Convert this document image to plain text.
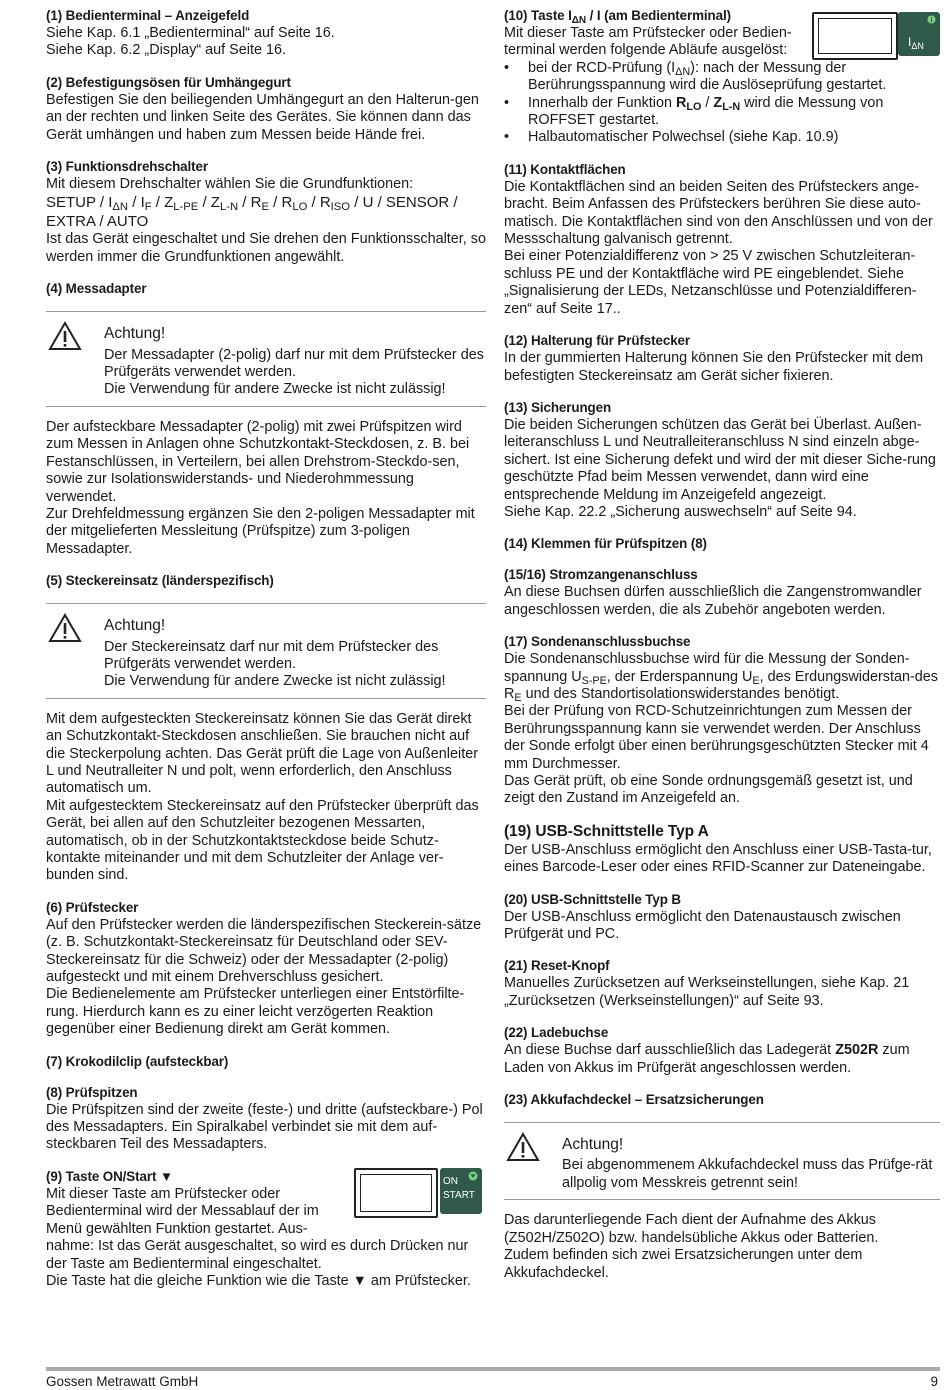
(1) Bedienterminal – Anzeigefeld

Siehe Kap. 6.1 „Bedienterminal“ auf Seite 16.

Siehe Kap. 6.2 „Display“ auf Seite 16.

(2) Befestigungsösen für Umhängegurt

Befestigen Sie den beiliegenden Umhängegurt an den Halterun-gen an der rechten und linken Seite des Gerätes. Sie können dann das Gerät umhängen und haben zum Messen beide Hände frei.

(3) Funktionsdrehschalter

Mit diesem Drehschalter wählen Sie die Grundfunktionen:

SETUP / $I_{\Delta N} / I_F / Z_{L-PE} / Z_{L-N} / R_E / R_{LO} / R_{ISO}$ / U / SENSOR /
EXTRA / AUTO

Ist das Gerät eingeschaltet und Sie drehen den Funktionsschalter, so werden immer die Grundfunktionen angewählt.

(4) Messadapter
Achtung!

Der Messadapter (2-polig) darf nur mit dem Prüfstecker des Prüfgeräts verwendet werden.

Die Verwendung für andere Zwecke ist nicht zulässig!

Der aufsteckbare Messadapter (2-polig) mit zwei Prüfspitzen wird zum Messen in Anlagen ohne Schutzkontakt-Steckdosen, z. B. bei Festanschlüssen, in Verteilern, bei allen Drehstrom-Steckdo-sen, sowie zur Isolationswiderstands- und Niederohmmessung verwendet.

Zur Drehfeldmessung ergänzen Sie den 2-poligen Messadapter mit der mitgelieferten Messleitung (Prüfspitze) zum 3-poligen Messadapter.

(5) Steckereinsatz (länderspezifisch)
Achtung!

Der Steckereinsatz darf nur mit dem Prüfstecker des Prüfgeräts verwendet werden.

Die Verwendung für andere Zwecke ist nicht zulässig!

Mit dem aufgesteckten Steckereinsatz können Sie das Gerät direkt an Schutzkontakt-Steckdosen anschließen. Sie brauchen nicht auf die Steckerpolung achten. Das Gerät prüft die Lage von Außenleiter L und Neutralleiter N und polt, wenn erforderlich, den Anschluss automatisch um.

Mit aufgestecktem Steckereinsatz auf den Prüfstecker überprüft das Gerät, bei allen auf den Schutzleiter bezogenen Messarten, automatisch, ob in der Schutzkontaktsteckdose beide Schutz-kontakte miteinander und mit dem Schutzleiter der Anlage ver-bunden sind.

(6) Prüfstecker

Auf den Prüfstecker werden die länderspezifischen Steckerein-sätze (z. B. Schutzkontakt-Steckereinsatz für Deutschland oder SEV-Steckereinsatz für die Schweiz) oder der Messadapter (2-polig) aufgesteckt und mit einem Drehverschluss gesichert.

Die Bedienelemente am Prüfstecker unterliegen einer Entstörfilte-rung. Hierdurch kann es zu einer leicht verzögerten Reaktion gegenüber einer Bedienung direkt am Gerät kommen.

(7) Krokodilclip (aufsteckbar)
(8) Prüfspitzen

Die Prüfspitzen sind der zweite (feste-) und dritte (aufsteckbare-) Pol des Messadapters. Ein Spiralkabel verbindet sie mit dem auf-steckbaren Teil des Messadapters.

(9) Taste ON/Start ▼	ON
START

Mit dieser Taste am Prüfstecker oder

Bedienterminal wird der Messablauf der im

Menü gewählten Funktion gestartet. Aus-

nahme: Ist das Gerät ausgeschaltet, so wird es durch Drücken nur der Taste am Bedienterminal eingeschaltet.

Die Taste hat die gleiche Funktion wie die Taste ▼ am Prüfstecker.

(10) Taste $I_{\Delta N}$ / I (am Bedienterminal)
$I_{\Delta N}$

Mit dieser Taste am Prüfstecker oder Bedien-

terminal werden folgende Abläufe ausgelöst:

• bei der RCD-Prüfung $(I_{\Delta N})$: nach der Messung der Berührungsspannung wird die Auslöseprüfung gestartet.
• Innerhalb der Funktion $R_{LO} / Z_{L-N}$ wird die Messung von ROFFSET gestartet.
• Halbautomatischer Polwechsel (siehe Kap. 10.9)
(11) Kontaktflächen

Die Kontaktflächen sind an beiden Seiten des Prüfsteckers ange-bracht. Beim Anfassen des Prüfsteckers berühren Sie diese auto-matisch. Die Kontaktflächen sind von den Anschlüssen und von der Messschaltung galvanisch getrennt.

Bei einer Potenzialdifferenz von > 25 V zwischen Schutzleiteran-schluss PE und der Kontaktfläche wird PE eingeblendet. Siehe „Signalisierung der LEDs, Netzanschlüsse und Potenzialdifferen-zen“ auf Seite 17..

(12) Halterung für Prüfstecker

In der gummierten Halterung können Sie den Prüfstecker mit dem befestigten Steckereinsatz am Gerät sicher fixieren.

(13) Sicherungen

Die beiden Sicherungen schützen das Gerät bei Überlast. Außen-leiteranschluss L und Neutralleiteranschluss N sind einzeln abge-sichert. Ist eine Sicherung defekt und wird der mit dieser Siche-rung geschützte Pfad beim Messen verwendet, dann wird eine entsprechende Meldung im Anzeigefeld angezeigt.

Siehe Kap. 22.2 „Sicherung auswechseln“ auf Seite 94.

(14) Klemmen für Prüfspitzen (8)
(15/16) Stromzangenanschluss

An diese Buchsen dürfen ausschließlich die Zangenstromwandler angeschlossen werden, die als Zubehör angeboten werden.

(17) Sondenanschlussbuchse

Die Sondenanschlussbuchse wird für die Messung der Sonden-spannung $U_{S-PE}$, der Erderspannung $U_E$, des Erdungswiderstan-des $R_E$ und des Standortisolationswiderstandes benötigt.

Bei der Prüfung von RCD-Schutzeinrichtungen zum Messen der Berührungsspannung kann sie verwendet werden. Der Anschluss der Sonde erfolgt über einen berührungsgeschützten Stecker mit 4 mm Durchmesser.

Das Gerät prüft, ob eine Sonde ordnungsgemäß gesetzt ist, und zeigt den Zustand im Anzeigefeld an.

(19) USB-Schnittstelle Typ A

Der USB-Anschluss ermöglicht den Anschluss einer USB-Tasta-tur, eines Barcode-Leser oder eines RFID-Scanner zur Dateneingabe.

(20) USB-Schnittstelle Typ B

Der USB-Anschluss ermöglicht den Datenaustausch zwischen Prüfgerät und PC.

(21) Reset-Knopf

Manuelles Zurücksetzen auf Werkseinstellungen, siehe Kap. 21 „Zurücksetzen (Werkseinstellungen)“ auf Seite 93.

(22) Ladebuchse

An diese Buchse darf ausschließlich das Ladegerät Z502R zum Laden von Akkus im Prüfgerät angeschlossen werden.

(23) Akkufachdeckel – Ersatzsicherungen
Achtung!

Bei abgenommenem Akkufachdeckel muss das Prüfge-rät allpolig vom Messkreis getrennt sein!

Das darunterliegende Fach dient der Aufnahme des Akkus (Z502H/Z502O) bzw. handelsübliche Akkus oder Batterien.

Zudem befinden sich zwei Ersatzsicherungen unter dem Akkufachdeckel.

Gossen Metrawatt GmbH	9
